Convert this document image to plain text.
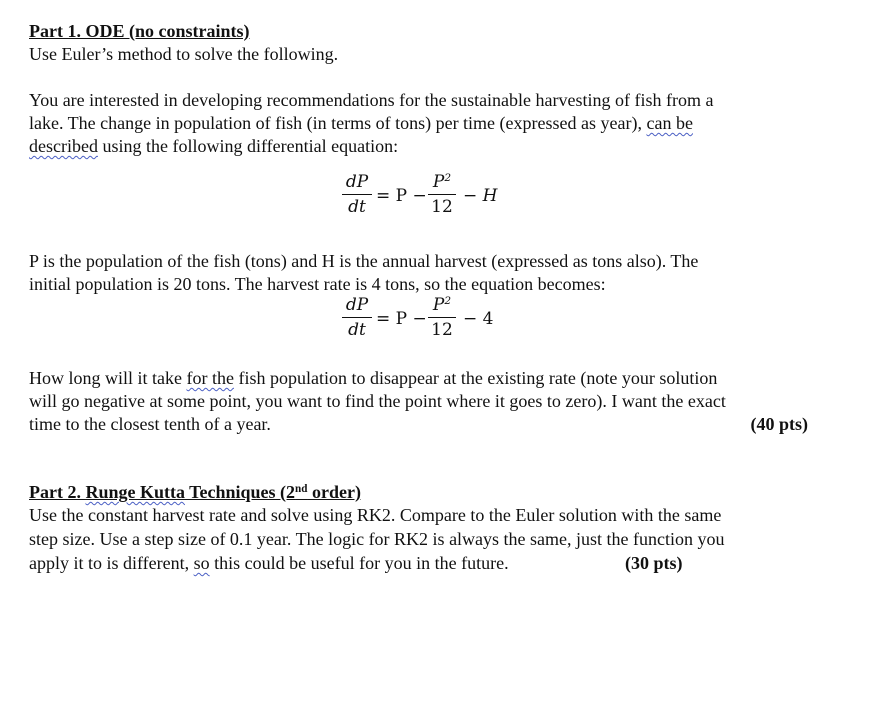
Part 1. ODE (no constraints)
Use Euler’s method to solve the following.
You are interested in developing recommendations for the sustainable harvesting of fish from a
lake. The change in population of fish (in terms of tons) per time (expressed as year), can be
described using the following differential equation:
dP
dt
= P −
$P^2$
12
− H
P is the population of the fish (tons) and H is the annual harvest (expressed as tons also). The
initial population is 20 tons. The harvest rate is 4 tons, so the equation becomes:
dP
dt
= P −
$P^2$
12
− 4
How long will it take for the fish population to disappear at the existing rate (note your solution
will go negative at some point, you want to find the point where it goes to zero). I want the exact
time to the closest tenth of a year.	(40 pts)
Part 2. Runge Kutta Techniques (2nd order)
Use the constant harvest rate and solve using RK2. Compare to the Euler solution with the same
step size. Use a step size of 0.1 year. The logic for RK2 is always the same, just the function you
apply it to is different, so this could be useful for you in the future.	(30 pts)
